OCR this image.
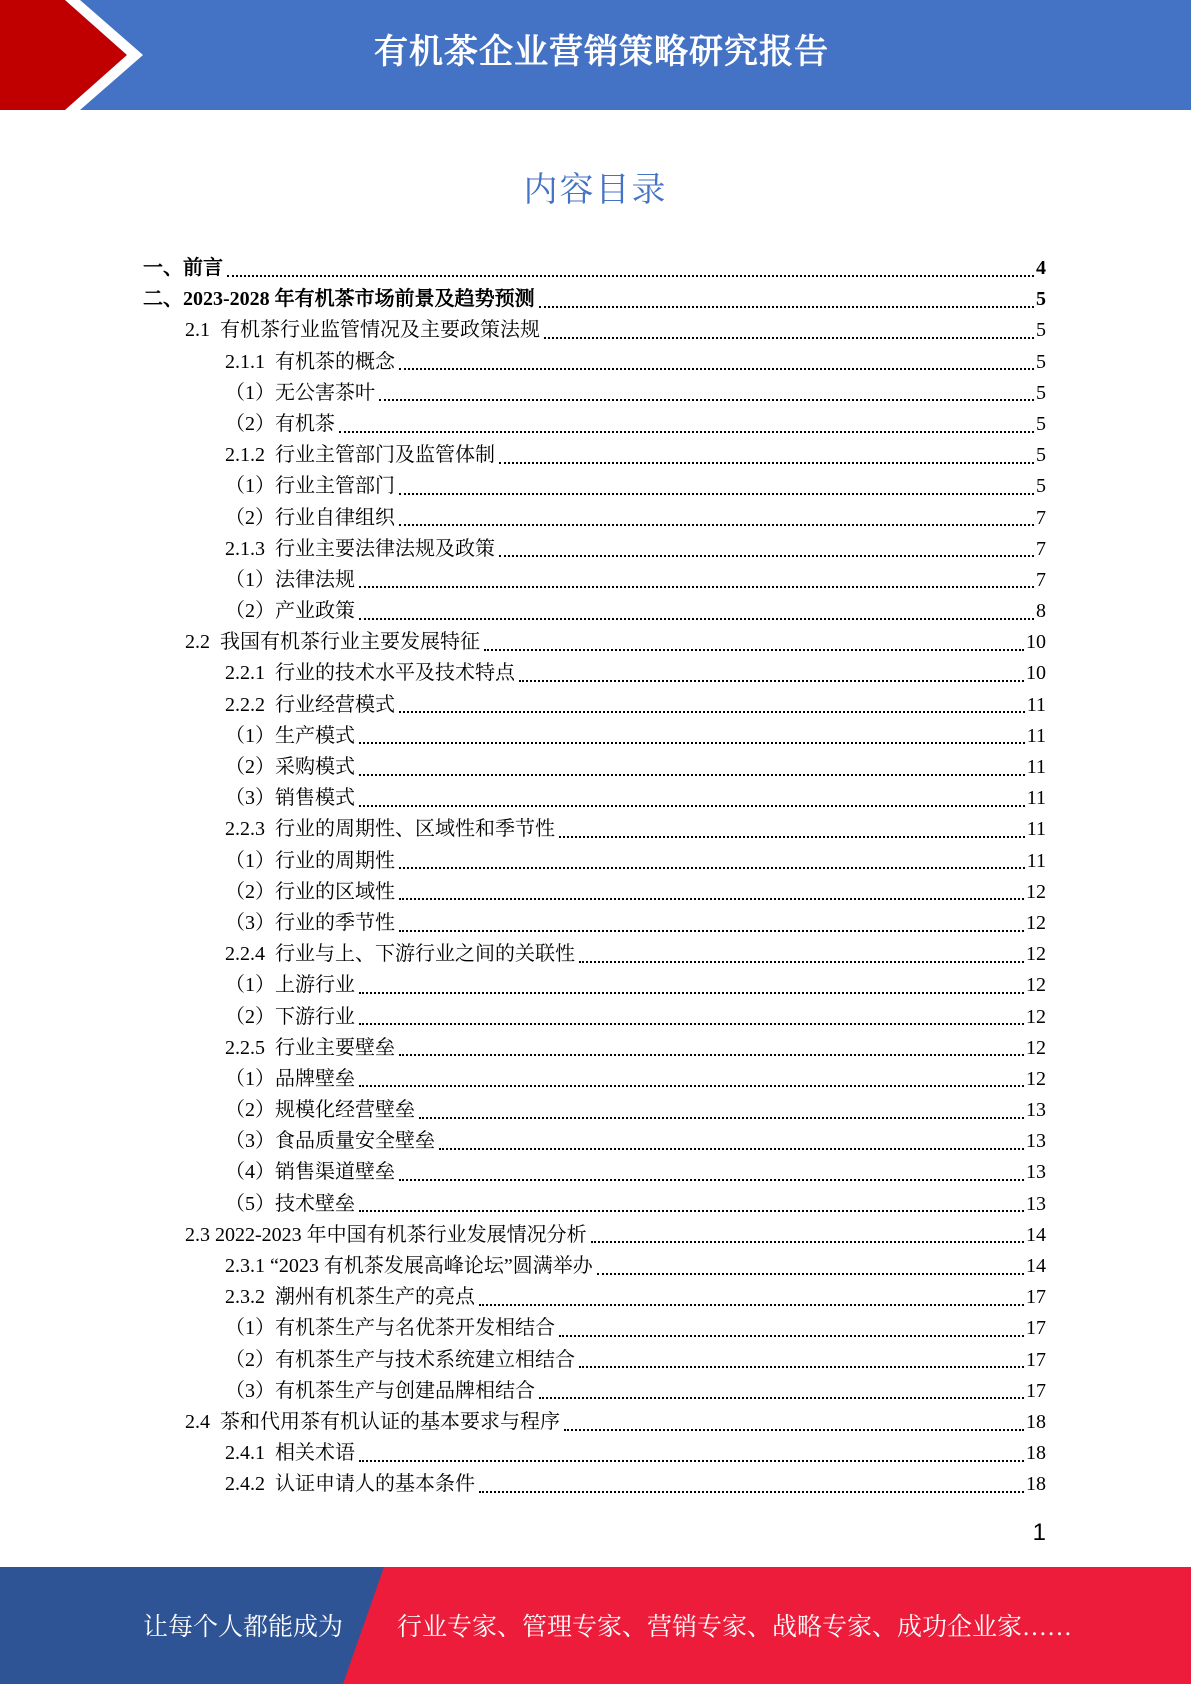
有机茶企业营销策略研究报告
内容目录
一、前言	4
二、2023-2028 年有机茶市场前景及趋势预测	5
2.1  有机茶行业监管情况及主要政策法规	5
2.1.1  有机茶的概念	5
（1）无公害茶叶	5
（2）有机茶	5
2.1.2  行业主管部门及监管体制	5
（1）行业主管部门	5
（2）行业自律组织	7
2.1.3  行业主要法律法规及政策	7
（1）法律法规	7
（2）产业政策	8
2.2  我国有机茶行业主要发展特征	10
2.2.1  行业的技术水平及技术特点	10
2.2.2  行业经营模式	11
（1）生产模式	11
（2）采购模式	11
（3）销售模式	11
2.2.3  行业的周期性、区域性和季节性	11
（1）行业的周期性	11
（2）行业的区域性	12
（3）行业的季节性	12
2.2.4  行业与上、下游行业之间的关联性	12
（1）上游行业	12
（2）下游行业	12
2.2.5  行业主要壁垒	12
（1）品牌壁垒	12
（2）规模化经营壁垒	13
（3）食品质量安全壁垒	13
（4）销售渠道壁垒	13
（5）技术壁垒	13
2.3 2022-2023 年中国有机茶行业发展情况分析	14
2.3.1 “2023 有机茶发展高峰论坛”圆满举办	14
2.3.2  潮州有机茶生产的亮点	17
（1）有机茶生产与名优茶开发相结合	17
（2）有机茶生产与技术系统建立相结合	17
（3）有机茶生产与创建品牌相结合	17
2.4  茶和代用茶有机认证的基本要求与程序	18
2.4.1  相关术语	18
2.4.2  认证申请人的基本条件	18
1
让每个人都能成为 行业专家、管理专家、营销专家、战略专家、成功企业家……
